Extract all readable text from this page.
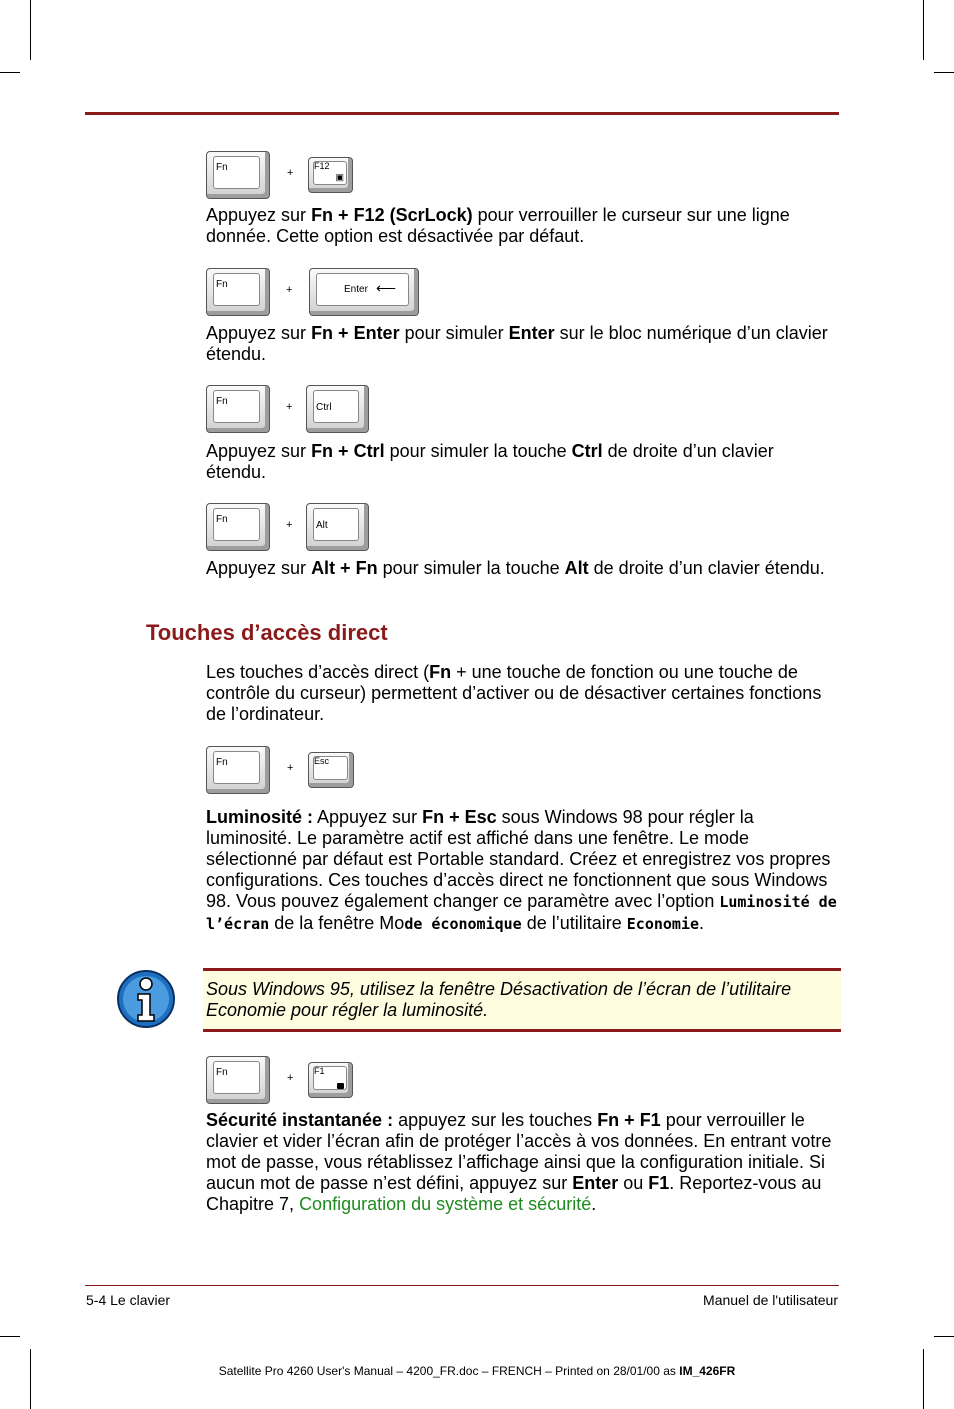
Fn	+
F12
▣

Appuyez sur Fn + F12 (ScrLock) pour verrouiller le curseur sur une ligne donnée. Cette option est désactivée par défaut.

Fn	+	Enter ⟵

Appuyez sur Fn + Enter pour simuler Enter sur le bloc numérique d’un clavier étendu.

Fn	+ Ctrl

Appuyez sur Fn + Ctrl pour simuler la touche Ctrl de droite d’un clavier étendu.

Fn	+ Alt

Appuyez sur Alt + Fn pour simuler la touche Alt de droite d’un clavier étendu.

Touches d’accès direct

Les touches d’accès direct (Fn + une touche de fonction ou une touche de contrôle du curseur) permettent d’activer ou de désactiver certaines fonctions de l’ordinateur.

Fn	+
Esc

Luminosité : Appuyez sur Fn + Esc sous Windows 98 pour régler la luminosité. Le paramètre actif est affiché dans une fenêtre. Le mode sélectionné par défaut est Portable standard. Créez et enregistrez vos propres configurations. Ces touches d’accès direct ne fonctionnent que sous Windows 98. Vous pouvez également changer ce paramètre avec l’option Luminosité de l’écran de la fenêtre Mode économique de l’utilitaire Economie.

Sous Windows 95, utilisez la fenêtre Désactivation de l’écran de l’utilitaire Economie pour régler la luminosité.

Fn	+
F1

Sécurité instantanée : appuyez sur les touches Fn + F1 pour verrouiller le clavier et vider l’écran afin de protéger l’accès à vos données. En entrant votre mot de passe, vous rétablissez l’affichage ainsi que la configuration initiale. Si aucun mot de passe n’est défini, appuyez sur Enter ou F1. Reportez-vous au Chapitre 7, Configuration du système et sécurité.

5-4 Le clavier	Manuel de l'utilisateur
Satellite Pro 4260 User's Manual – 4200_FR.doc – FRENCH – Printed on 28/01/00 as IM_426FR
